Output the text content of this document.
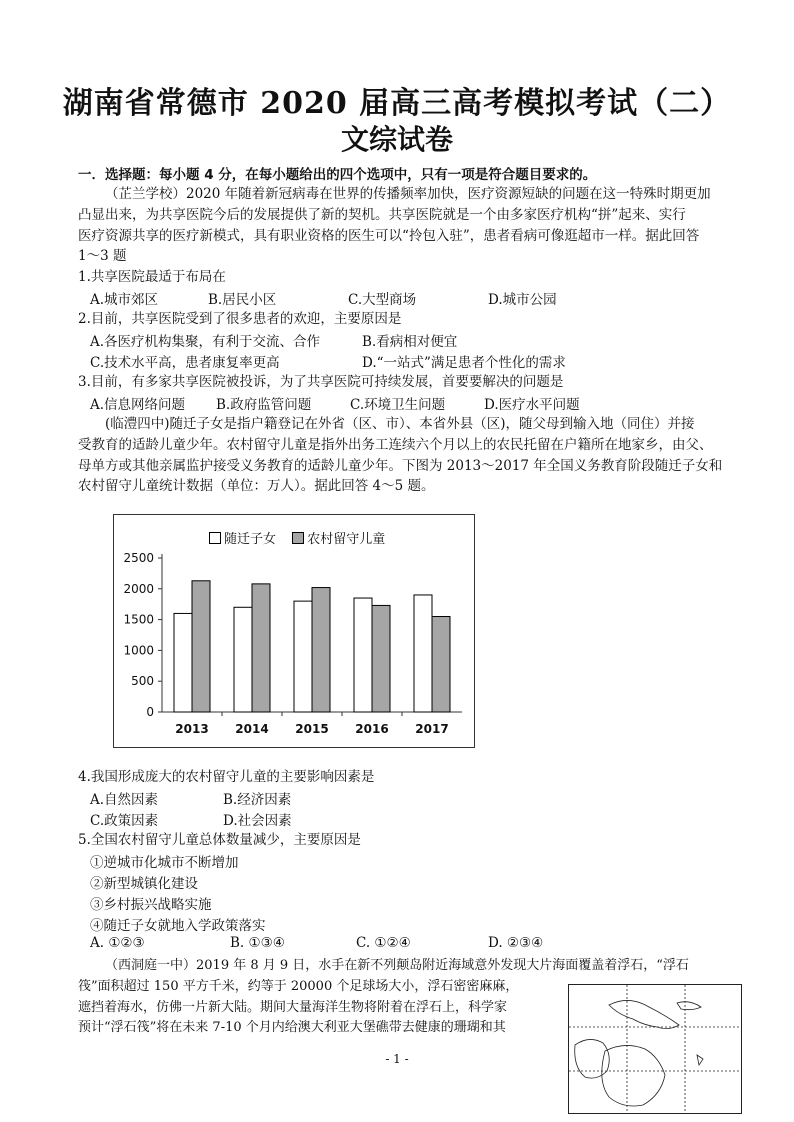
湖南省常德市 2020 届高三高考模拟考试（二）
文综试卷
一．选择题：每小题 4 分，在每小题给出的四个选项中，只有一项是符合题目要求的。
（芷兰学校）2020 年随着新冠病毒在世界的传播频率加快，医疗资源短缺的问题在这一特殊时期更加
凸显出来，为共享医院今后的发展提供了新的契机。共享医院就是一个由多家医疗机构“拼”起来、实行
医疗资源共享的医疗新模式，具有职业资格的医生可以“拎包入驻”，患者看病可像逛超市一样。据此回答
1～3 题
1.共享医院最适于布局在
A.城市郊区	B.居民小区	C.大型商场	D.城市公园
2.目前，共享医院受到了很多患者的欢迎，主要原因是
A.各医疗机构集聚，有利于交流、合作	B.看病相对便宜
C.技术水平高，患者康复率更高	D.“一站式”满足患者个性化的需求
3.目前，有多家共享医院被投诉，为了共享医院可持续发展，首要要解决的问题是
A.信息网络问题 B.政府监管问题	C.环境卫生问题	D.医疗水平问题
(临澧四中)随迁子女是指户籍登记在外省（区、市）、本省外县（区)，随父母到输入地（同住）并接
受教育的适龄儿童少年。农村留守儿童是指外出务工连续六个月以上的农民托留在户籍所在地家乡，由父、
母单方或其他亲属监护接受义务教育的适龄儿童少年。下图为 2013～2017 年全国义务教育阶段随迁子女和
农村留守儿童统计数据（单位：万人）。据此回答 4～5 题。
随迁子女 农村留守儿童
0
500
1000
1500
2000
2500
2013 2014 2015 2016 2017
4.我国形成庞大的农村留守儿童的主要影响因素是
A.自然因素	B.经济因素
C.政策因素	D.社会因素
5.全国农村留守儿童总体数量减少，主要原因是
①逆城市化城市不断增加
②新型城镇化建设
③乡村振兴战略实施
④随迁子女就地入学政策落实
A. ①②③	B. ①③④	C. ①②④	D. ②③④
（西洞庭一中）2019 年 8 月 9 日，水手在新不列颠岛附近海域意外发现大片海面覆盖着浮石，“浮石
筏”面积超过 150 平方千米，约等于 20000 个足球场大小，浮石密密麻麻，
遮挡着海水，仿佛一片新大陆。期间大量海洋生物将附着在浮石上，科学家
预计“浮石筏”将在未来 7-10 个月内给澳大利亚大堡礁带去健康的珊瑚和其
- 1 -
